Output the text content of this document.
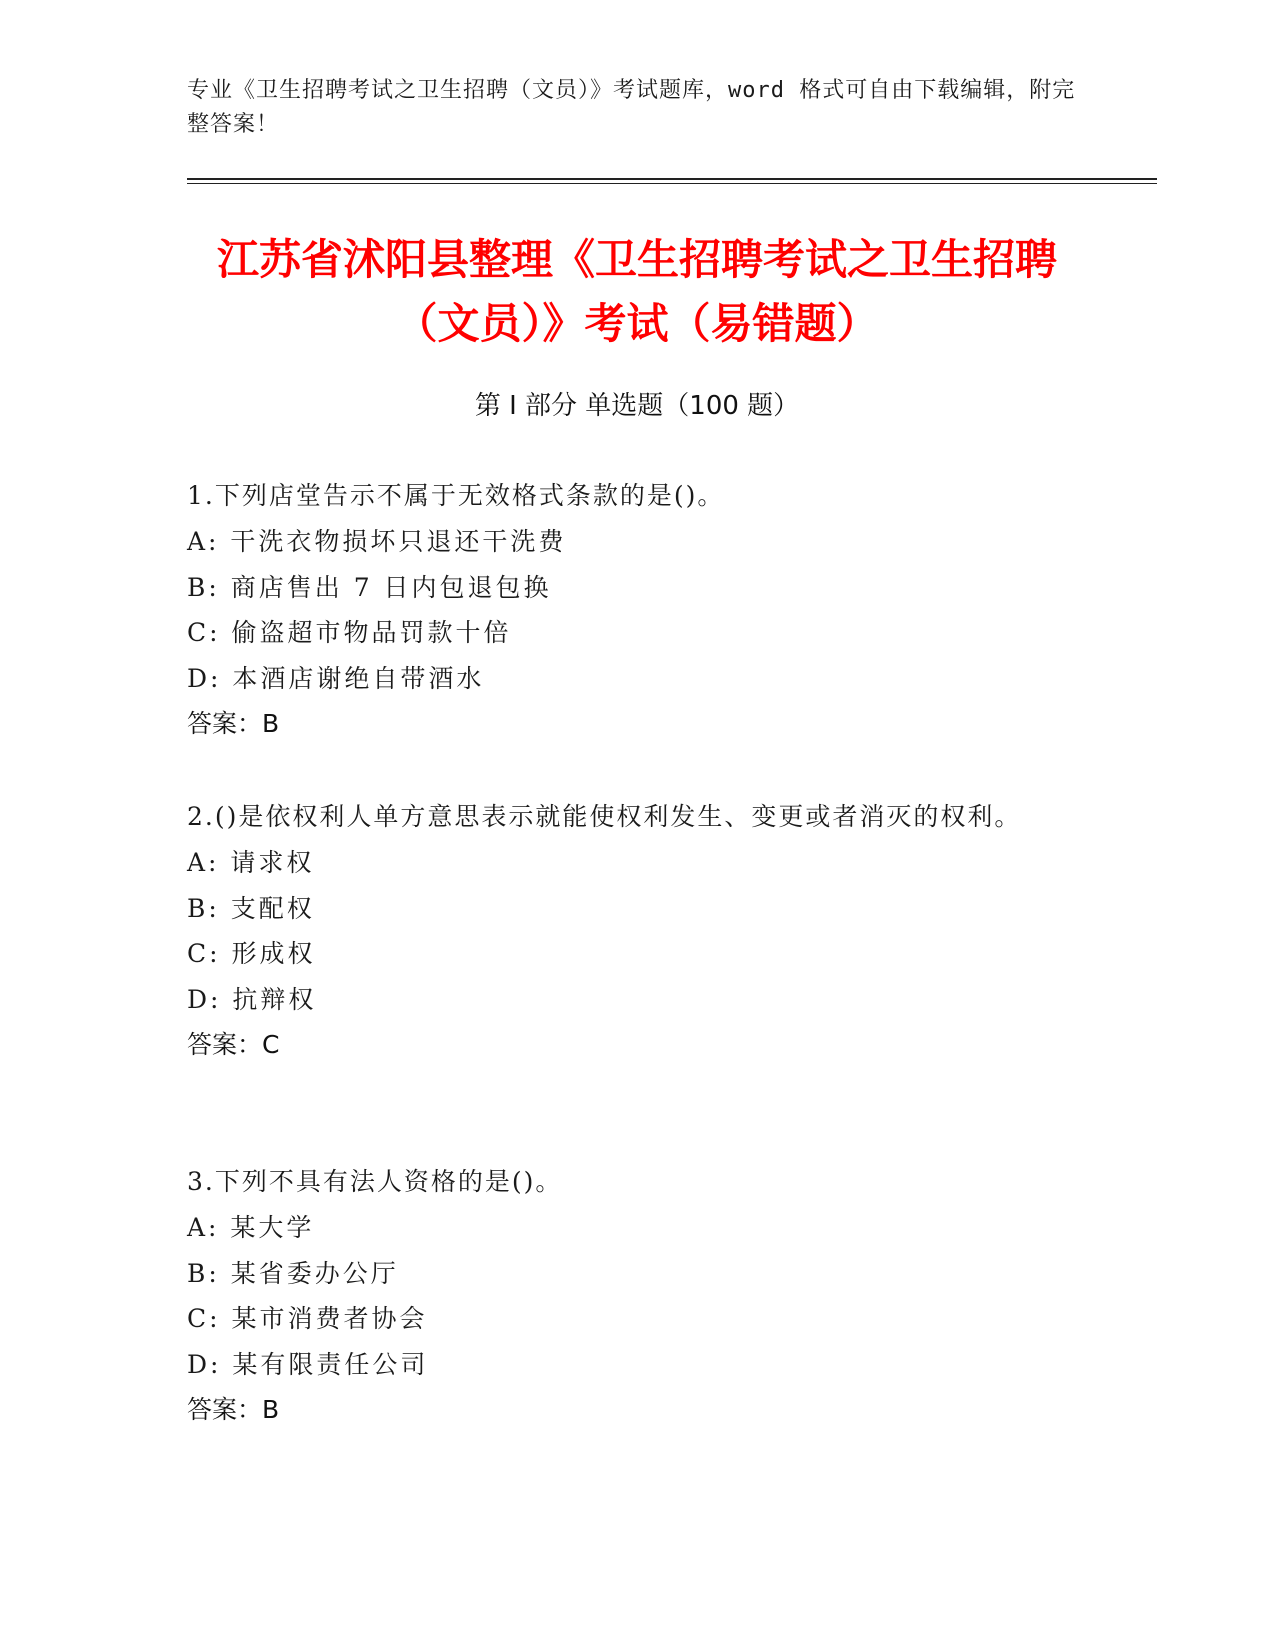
专业《卫生招聘考试之卫生招聘（文员）》考试题库，word 格式可自由下载编辑，附完整答案！
江苏省沭阳县整理《卫生招聘考试之卫生招聘（文员）》考试（易错题）
第 I 部分 单选题（100 题）

1.下列店堂告示不属于无效格式条款的是()。

A: 干洗衣物损坏只退还干洗费

B: 商店售出 7 日内包退包换

C: 偷盗超市物品罚款十倍

D: 本酒店谢绝自带酒水

答案：B

2.()是依权利人单方意思表示就能使权利发生、变更或者消灭的权利。

A: 请求权

B: 支配权

C: 形成权

D: 抗辩权

答案：C

3.下列不具有法人资格的是()。

A: 某大学

B: 某省委办公厅

C: 某市消费者协会

D: 某有限责任公司

答案：B
